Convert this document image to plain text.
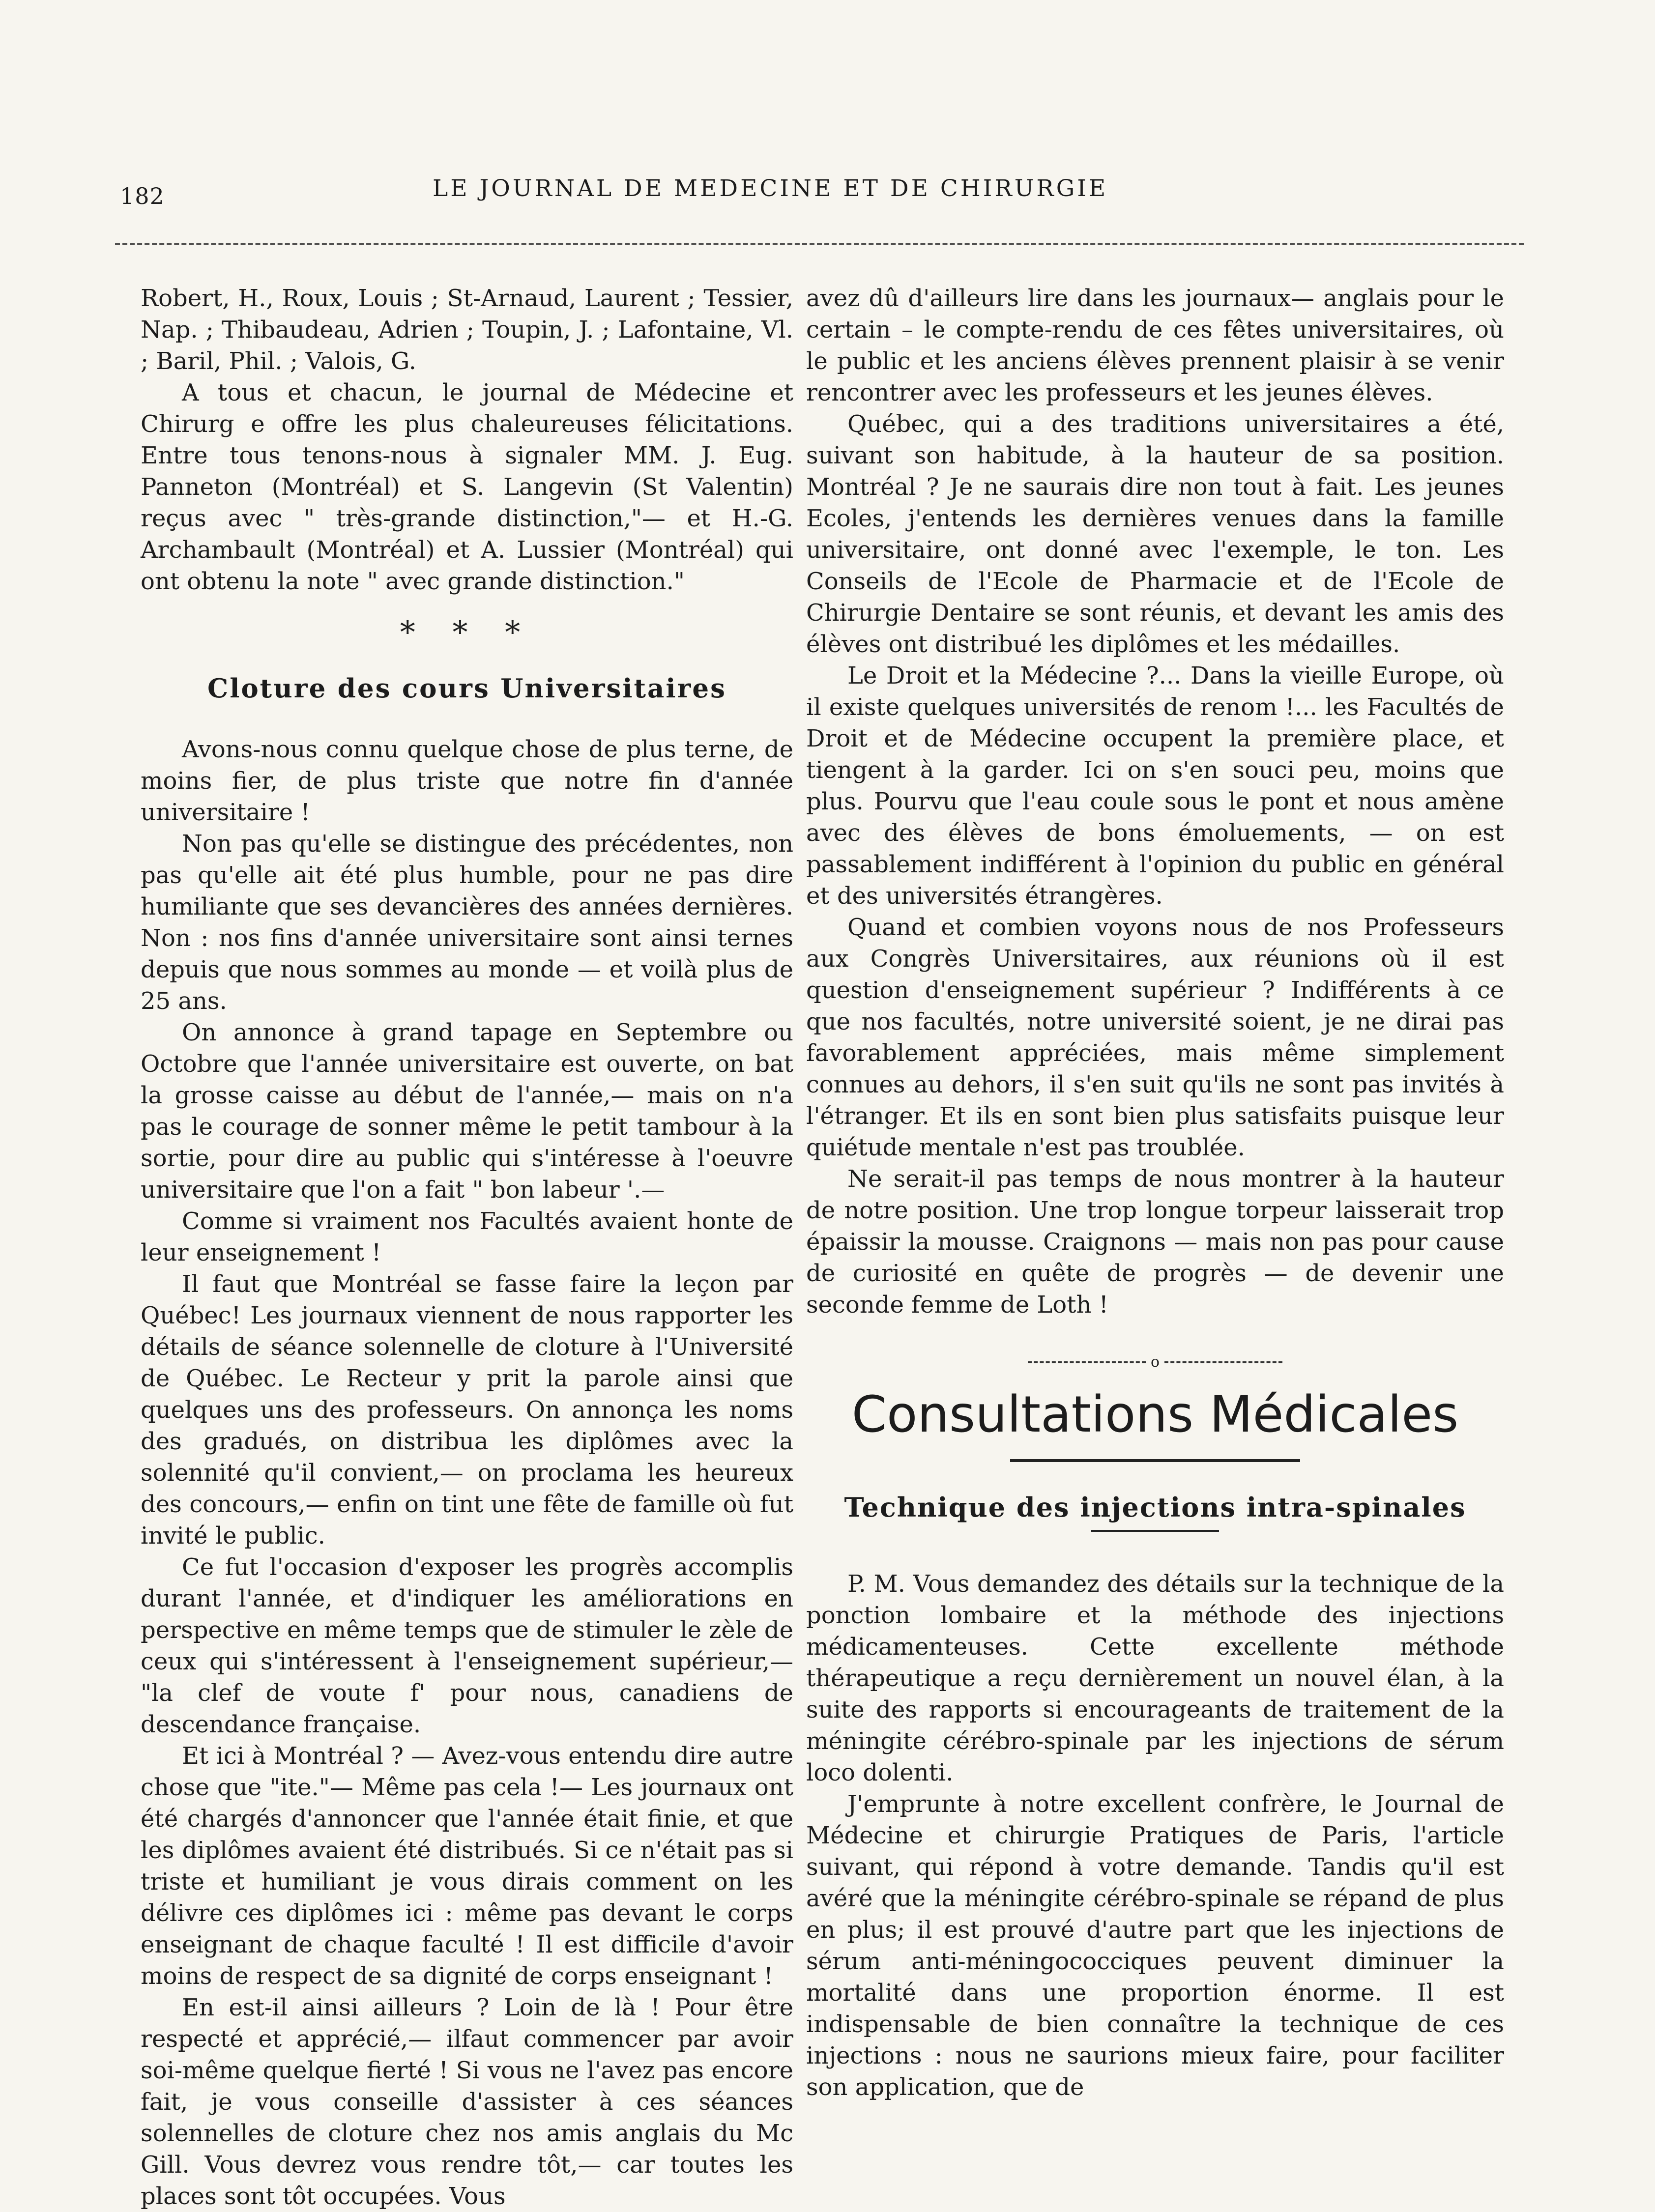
182	LE JOURNAL DE MEDECINE ET DE CHIRURGIE

Robert, H., Roux, Louis ; St-Arnaud, Laurent ; Tessier, Nap. ; Thibaudeau, Adrien ; Toupin, J. ; Lafontaine, Vl. ; Baril, Phil. ; Valois, G.

A tous et chacun, le journal de Médecine et Chirurg e offre les plus chaleureuses félicitations. Entre tous tenons-nous à signaler MM. J. Eug. Panneton (Montréal) et S. Langevin (St Valentin) reçus avec " très-grande distinction,"— et H.-G. Archambault (Montréal) et A. Lussier (Montréal) qui ont obtenu la note " avec grande distinction."

* * *
Cloture des cours Universitaires

Avons-nous connu quelque chose de plus terne, de moins fier, de plus triste que notre fin d'année universitaire !

Non pas qu'elle se distingue des précédentes, non pas qu'elle ait été plus humble, pour ne pas dire humiliante que ses devancières des années dernières. Non : nos fins d'année universitaire sont ainsi ternes depuis que nous sommes au monde — et voilà plus de 25 ans.

On annonce à grand tapage en Septembre ou Octobre que l'année universitaire est ouverte, on bat la grosse caisse au début de l'année,— mais on n'a pas le courage de sonner même le petit tambour à la sortie, pour dire au public qui s'intéresse à l'oeuvre universitaire que l'on a fait " bon labeur '.—

Comme si vraiment nos Facultés avaient honte de leur enseignement !

Il faut que Montréal se fasse faire la leçon par Québec! Les journaux viennent de nous rapporter les détails de séance solennelle de cloture à l'Université de Québec. Le Recteur y prit la parole ainsi que quelques uns des professeurs. On annonça les noms des gradués, on distribua les diplômes avec la solennité qu'il convient,— on proclama les heureux des concours,— enfin on tint une fête de famille où fut invité le public.

Ce fut l'occasion d'exposer les progrès accomplis durant l'année, et d'indiquer les améliorations en perspective en même temps que de stimuler le zèle de ceux qui s'intéressent à l'enseignement supérieur,— "la clef de voute f' pour nous, canadiens de descendance française.

Et ici à Montréal ? — Avez-vous entendu dire autre chose que "ite."— Même pas cela !— Les journaux ont été chargés d'annoncer que l'année était finie, et que les diplômes avaient été distribués. Si ce n'était pas si triste et humiliant je vous dirais comment on les délivre ces diplômes ici : même pas devant le corps enseignant de chaque faculté ! Il est difficile d'avoir moins de respect de sa dignité de corps enseignant !

En est-il ainsi ailleurs ? Loin de là ! Pour être respecté et apprécié,— ilfaut commencer par avoir soi-même quelque fierté ! Si vous ne l'avez pas encore fait, je vous conseille d'assister à ces séances solennelles de cloture chez nos amis anglais du Mc Gill. Vous devrez vous rendre tôt,— car toutes les places sont tôt occupées. Vous

avez dû d'ailleurs lire dans les journaux— anglais pour le certain – le compte-rendu de ces fêtes universitaires, où le public et les anciens élèves prennent plaisir à se venir rencontrer avec les professeurs et les jeunes élèves.

Québec, qui a des traditions universitaires a été, suivant son habitude, à la hauteur de sa position. Montréal ? Je ne saurais dire non tout à fait. Les jeunes Ecoles, j'entends les dernières venues dans la famille universitaire, ont donné avec l'exemple, le ton. Les Conseils de l'Ecole de Pharmacie et de l'Ecole de Chirurgie Dentaire se sont réunis, et devant les amis des élèves ont distribué les diplômes et les médailles.

Le Droit et la Médecine ?... Dans la vieille Europe, où il existe quelques universités de renom !... les Facultés de Droit et de Médecine occupent la première place, et tiengent à la garder. Ici on s'en souci peu, moins que plus. Pourvu que l'eau coule sous le pont et nous amène avec des élèves de bons émoluements, — on est passablement indifférent à l'opinion du public en général et des universités étrangères.

Quand et combien voyons nous de nos Professeurs aux Congrès Universitaires, aux réunions où il est question d'enseignement supérieur ? Indifférents à ce que nos facultés, notre université soient, je ne dirai pas favorablement appréciées, mais même simplement connues au dehors, il s'en suit qu'ils ne sont pas invités à l'étranger. Et ils en sont bien plus satisfaits puisque leur quiétude mentale n'est pas troublée.

Ne serait-il pas temps de nous montrer à la hauteur de notre position. Une trop longue torpeur laisserait trop épaissir la mousse. Craignons — mais non pas pour cause de curiosité en quête de progrès — de devenir une seconde femme de Loth !

o
Consultations Médicales
Technique des injections intra-spinales

P. M. Vous demandez des détails sur la technique de la ponction lombaire et la méthode des injections médicamenteuses. Cette excellente méthode thérapeutique a reçu dernièrement un nouvel élan, à la suite des rapports si encourageants de traitement de la méningite cérébro-spinale par les injections de sérum loco dolenti.

J'emprunte à notre excellent confrère, le Journal de Médecine et chirurgie Pratiques de Paris, l'article suivant, qui répond à votre demande. Tandis qu'il est avéré que la méningite cérébro-spinale se répand de plus en plus; il est prouvé d'autre part que les injections de sérum anti-méningococciques peuvent diminuer la mortalité dans une proportion énorme. Il est indispensable de bien connaître la technique de ces injections : nous ne saurions mieux faire, pour faciliter son application, que de
